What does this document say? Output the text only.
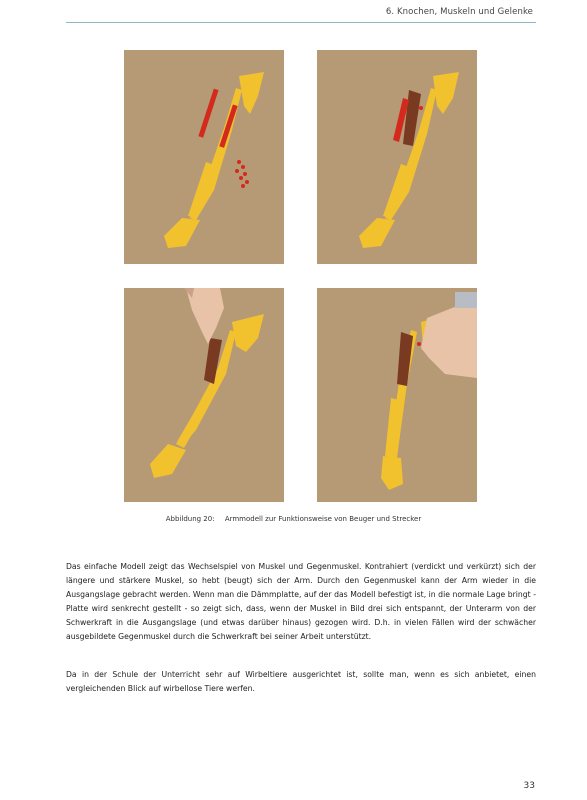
6. Knochen, Muskeln und Gelenke
Abbildung 20: Armmodell zur Funktionsweise von Beuger und Strecker

Das einfache Modell zeigt das Wechselspiel von Muskel und Gegenmuskel. Kontrahiert (verdickt und verkürzt) sich der längere und stärkere Muskel, so hebt (beugt) sich der Arm. Durch den Gegenmuskel kann der Arm wieder in die Ausgangslage gebracht werden. Wenn man die Dämmplatte, auf der das Modell befestigt ist, in die normale Lage bringt - Platte wird senkrecht gestellt - so zeigt sich, dass, wenn der Muskel in Bild drei sich entspannt, der Unterarm von der Schwerkraft in die Ausgangslage (und etwas darüber hinaus) gezogen wird. D.h. in vielen Fällen wird der schwächer ausgebildete Gegenmuskel durch die Schwerkraft bei seiner Arbeit unterstützt.

Da in der Schule der Unterricht sehr auf Wirbeltiere ausgerichtet ist, sollte man, wenn es sich anbietet, einen vergleichenden Blick auf wirbellose Tiere werfen.

33
